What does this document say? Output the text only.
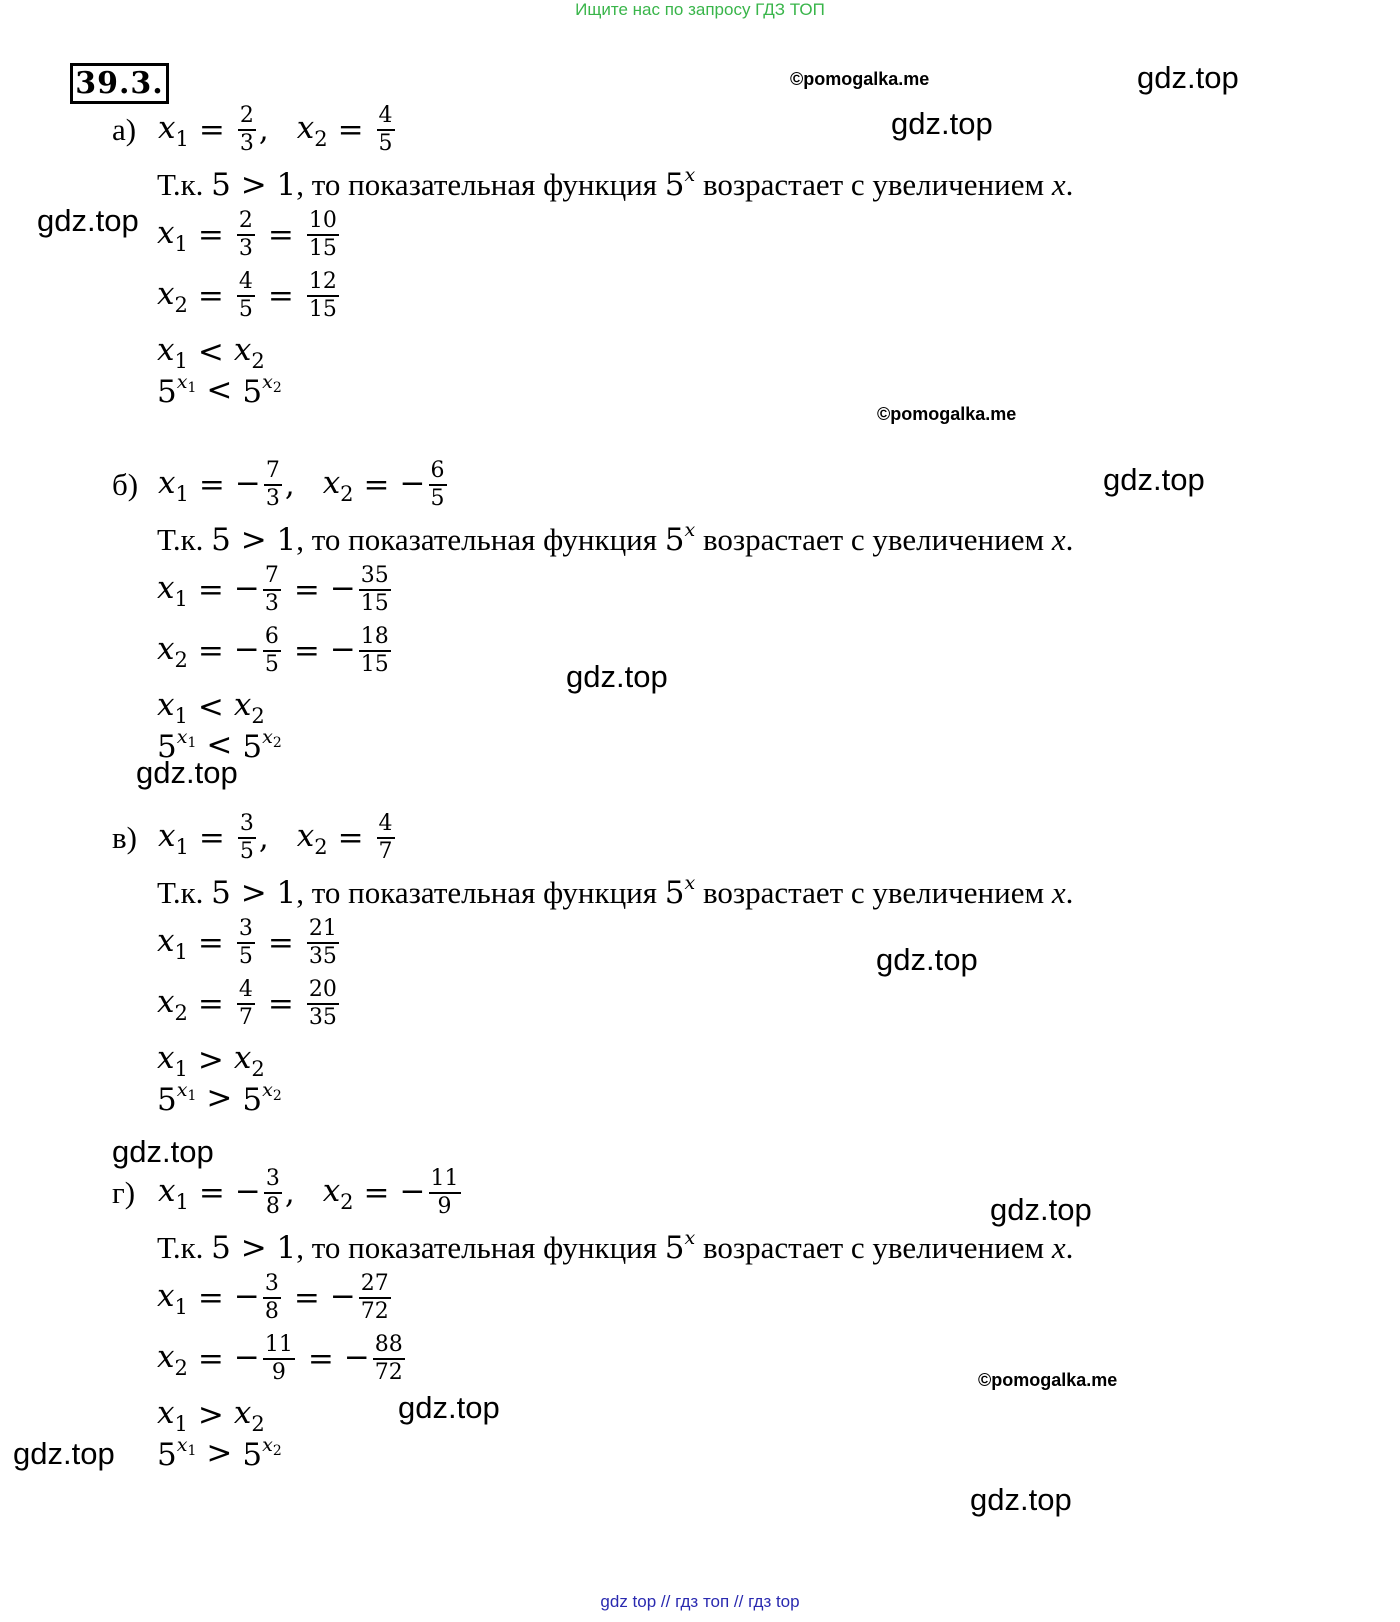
Ищите нас по запросу ГДЗ ТОП
39.3.	©pomogalka.me
©pomogalka.me
©pomogalka.me
gdz.top
gdz.top
gdz.top
gdz.top
gdz.top
gdz.top
gdz.top
gdz.top
gdz.top
gdz.top
gdz.top
gdz.top
а) $x_1 = \frac{2}{3}$ , $x_2 = \frac{4}{5}$
Т.к. 5 > 1, то показательная функция 5$^x$ возрастает с увеличением x.
$x_1 = \frac{2}{3} = \frac{10}{15}$
$x_2 = \frac{4}{5} = \frac{12}{15}$
$x_1 < x_2$
$5^{x_1} < 5^{x_2}$
б) $x_1$ = − $\frac{7}{3}$ , $x_2$ = − $\frac{6}{5}$
Т.к. 5 > 1, то показательная функция 5$^x$ возрастает с увеличением x.
$x_1$ = − $\frac{7}{3}$ = − $\frac{35}{15}$
$x_2$ = − $\frac{6}{5}$ = − $\frac{18}{15}$
$x_1 < x_2$
$5^{x_1} < 5^{x_2}$
в) $x_1 = \frac{3}{5}$ , $x_2 = \frac{4}{7}$
Т.к. 5 > 1, то показательная функция 5$^x$ возрастает с увеличением x.
$x_1 = \frac{3}{5} = \frac{21}{35}$
$x_2 = \frac{4}{7} = \frac{20}{35}$
$x_1 > x_2$
$5^{x_1} > 5^{x_2}$
г) $x_1$ = − $\frac{3}{8}$ , $x_2$ = − $\frac{11}{9}$
Т.к. 5 > 1, то показательная функция 5$^x$ возрастает с увеличением x.
$x_1$ = − $\frac{3}{8}$ = − $\frac{27}{72}$
$x_2$ = − $\frac{11}{9}$ = − $\frac{88}{72}$
$x_1 > x_2$
$5^{x_1} > 5^{x_2}$
gdz top // гдз топ // гдз top
